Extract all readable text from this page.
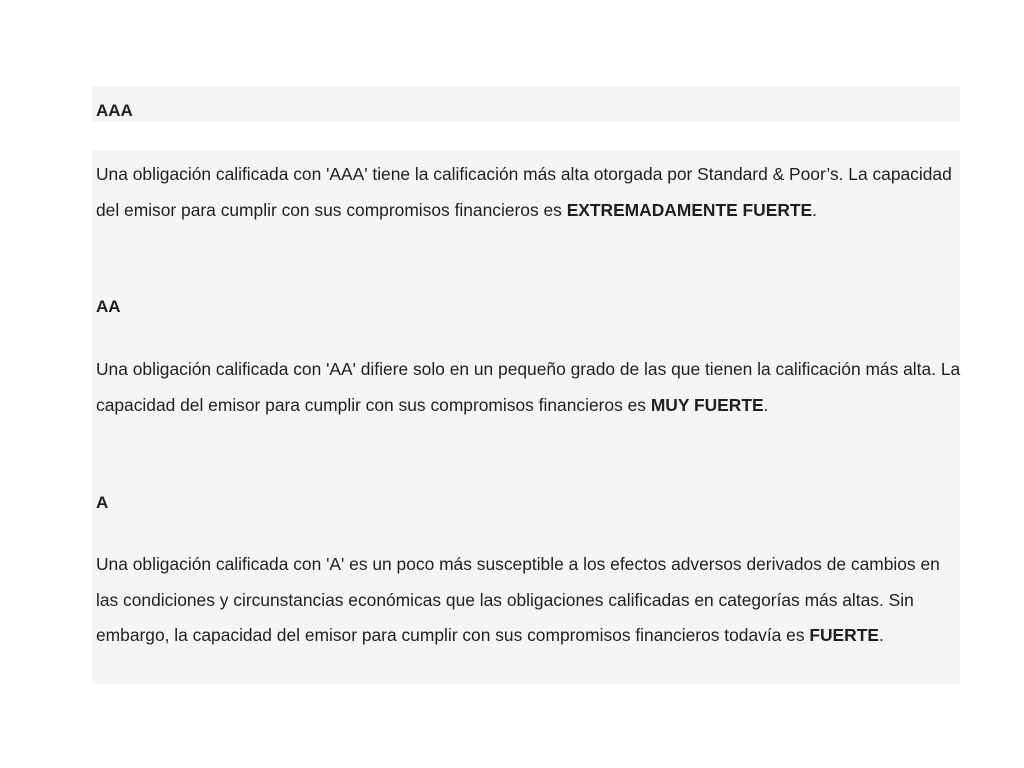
AAA

Una obligación calificada con 'AAA' tiene la calificación más alta otorgada por Standard & Poor’s. La capacidad del emisor para cumplir con sus compromisos financieros es EXTREMADAMENTE FUERTE.

AA

Una obligación calificada con 'AA' difiere solo en un pequeño grado de las que tienen la calificación más alta. La capacidad del emisor para cumplir con sus compromisos financieros es MUY FUERTE.

A

Una obligación calificada con 'A' es un poco más susceptible a los efectos adversos derivados de cambios en las condiciones y circunstancias económicas que las obligaciones calificadas en categorías más altas. Sin embargo, la capacidad del emisor para cumplir con sus compromisos financieros todavía es FUERTE.
